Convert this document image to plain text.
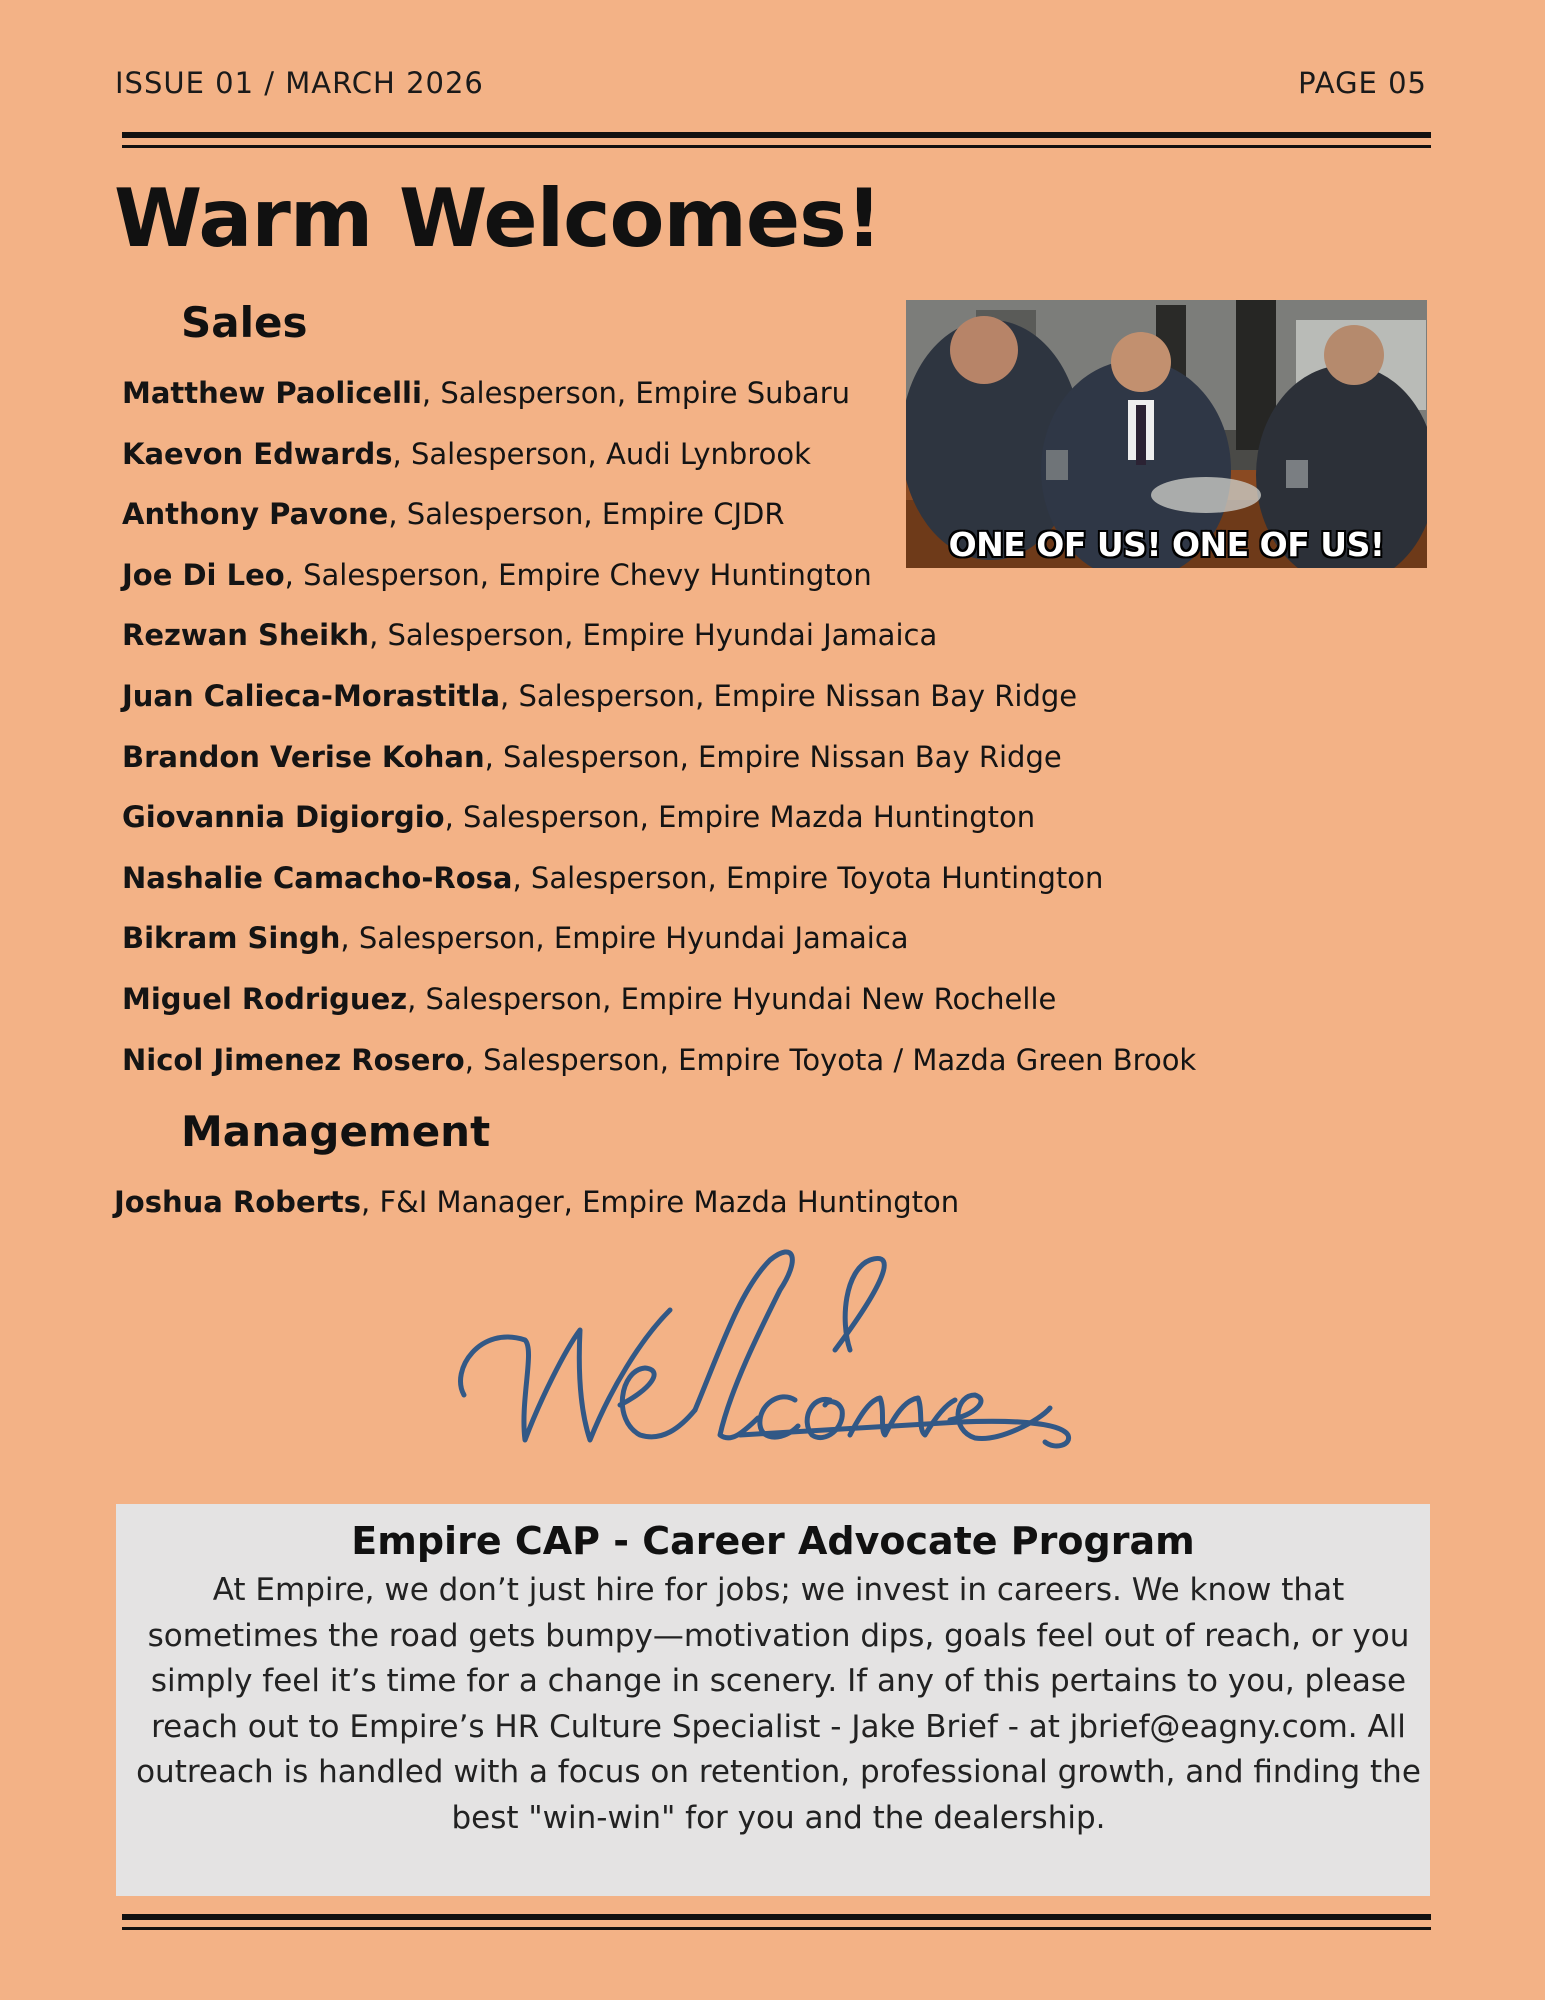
ISSUE 01 / MARCH 2026	PAGE 05
Warm Welcomes!
Sales
Matthew Paolicelli, Salesperson, Empire Subaru
Kaevon Edwards, Salesperson, Audi Lynbrook
Anthony Pavone, Salesperson, Empire CJDR
Joe Di Leo, Salesperson, Empire Chevy Huntington
Rezwan Sheikh, Salesperson, Empire Hyundai Jamaica
Juan Calieca-Morastitla, Salesperson, Empire Nissan Bay Ridge
Brandon Verise Kohan, Salesperson, Empire Nissan Bay Ridge
Giovannia Digiorgio, Salesperson, Empire Mazda Huntington
Nashalie Camacho-Rosa, Salesperson, Empire Toyota Huntington
Bikram Singh, Salesperson, Empire Hyundai Jamaica
Miguel Rodriguez, Salesperson, Empire Hyundai New Rochelle
Nicol Jimenez Rosero, Salesperson, Empire Toyota / Mazda Green Brook
Management
Joshua Roberts, F&I Manager, Empire Mazda Huntington
ONE OF US! ONE OF US!
Empire CAP - Career Advocate Program
At Empire, we don’t just hire for jobs; we invest in careers. We know that sometimes the road gets bumpy—motivation dips, goals feel out of reach, or you simply feel it’s time for a change in scenery. If any of this pertains to you, please reach out to Empire’s HR Culture Specialist - Jake Brief - at jbrief@eagny.com. All outreach is handled with a focus on retention, professional growth, and finding the best "win-win" for you and the dealership.
